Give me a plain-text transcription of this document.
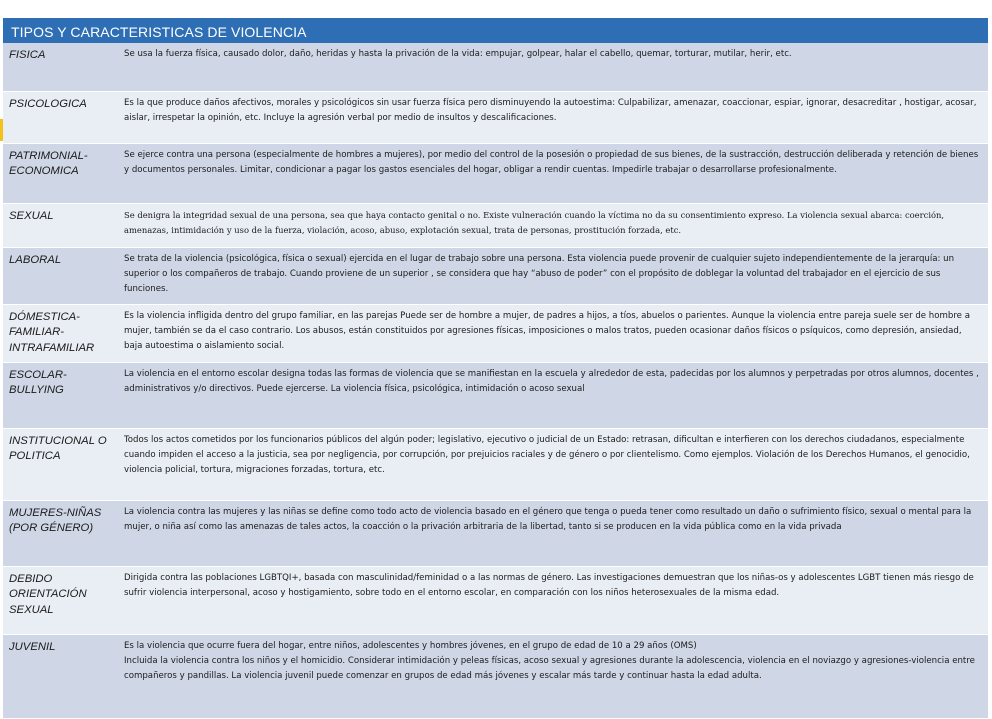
TIPOS Y CARACTERISTICAS DE VIOLENCIA	
FISICA	Se usa la fuerza física, causado dolor, daño, heridas y hasta la privación de la vida: empujar, golpear, halar el cabello, quemar, torturar, mutilar, herir, etc.
PSICOLOGICA	Es la que produce daños afectivos, morales y psicológicos sin usar fuerza física pero disminuyendo la autoestima: Culpabilizar, amenazar, coaccionar, espiar, ignorar, desacreditar , hostigar, acosar, aislar, irrespetar la opinión, etc. Incluye la agresión verbal por medio de insultos y descalificaciones.
PATRIMONIAL-ECONOMICA	Se ejerce contra una persona (especialmente de hombres a mujeres), por medio del control de la posesión o propiedad de sus bienes, de la sustracción, destrucción deliberada y retención de bienes y documentos personales. Limitar, condicionar a pagar los gastos esenciales del hogar, obligar a rendir cuentas. Impedirle trabajar o desarrollarse profesionalmente.
SEXUAL	Se denigra la integridad sexual de una persona, sea que haya contacto genital o no. Existe vulneración cuando la víctima no da su consentimiento expreso. La violencia sexual abarca: coerción, amenazas, intimidación y uso de la fuerza, violación, acoso, abuso, explotación sexual, trata de personas, prostitución forzada, etc.
LABORAL	Se trata de la violencia (psicológica, física o sexual) ejercida en el lugar de trabajo sobre una persona. Esta violencia puede provenir de cualquier sujeto independientemente de la jerarquía: un superior o los compañeros de trabajo. Cuando proviene de un superior , se considera que hay “abuso de poder” con el propósito de doblegar la voluntad del trabajador en el ejercicio de sus funciones.
DÓMESTICA-FAMILIAR-INTRAFAMILIAR	Es la violencia infligida dentro del grupo familiar, en las parejas Puede ser de hombre a mujer, de padres a hijos, a tíos, abuelos o parientes. Aunque la violencia entre pareja suele ser de hombre a mujer, también se da el caso contrario. Los abusos, están constituidos por agresiones físicas, imposiciones o malos tratos, pueden ocasionar daños físicos o psíquicos, como depresión, ansiedad, baja autoestima o aislamiento social.
ESCOLAR-BULLYING	La violencia en el entorno escolar designa todas las formas de violencia que se manifiestan en la escuela y alrededor de esta, padecidas por los alumnos y perpetradas por otros alumnos, docentes , administrativos y/o directivos. Puede ejercerse. La violencia física, psicológica, intimidación o acoso sexual
INSTITUCIONAL O POLITICA	Todos los actos cometidos por los funcionarios públicos del algún poder; legislativo, ejecutivo o judicial de un Estado: retrasan, dificultan e interfieren con los derechos ciudadanos, especialmente cuando impiden el acceso a la justicia, sea por negligencia, por corrupción, por prejuicios raciales y de género o por clientelismo. Como ejemplos. Violación de los Derechos Humanos, el genocidio, violencia policial, tortura, migraciones forzadas, tortura, etc.
MUJERES-NIÑAS (POR GÉNERO)	La violencia contra las mujeres y las niñas se define como todo acto de violencia basado en el género que tenga o pueda tener como resultado un daño o sufrimiento físico, sexual o mental para la mujer, o niña así como las amenazas de tales actos, la coacción o la privación arbitraria de la libertad, tanto si se producen en la vida pública como en la vida privada
DEBIDO ORIENTACIÓN SEXUAL	Dirigida contra las poblaciones LGBTQI+, basada con masculinidad/feminidad o a las normas de género. Las investigaciones demuestran que los niñas-os y adolescentes LGBT tienen más riesgo de sufrir violencia interpersonal, acoso y hostigamiento, sobre todo en el entorno escolar, en comparación con los niños heterosexuales de la misma edad.
JUVENIL	Es la violencia que ocurre fuera del hogar, entre niños, adolescentes y hombres jóvenes, en el grupo de edad de 10 a 29 años (OMS)
Incluida la violencia contra los niños y el homicidio. Considerar intimidación y peleas físicas, acoso sexual y agresiones durante la adolescencia, violencia en el noviazgo y agresiones-violencia entre compañeros y pandillas. La violencia juvenil puede comenzar en grupos de edad más jóvenes y escalar más tarde y continuar hasta la edad adulta.
